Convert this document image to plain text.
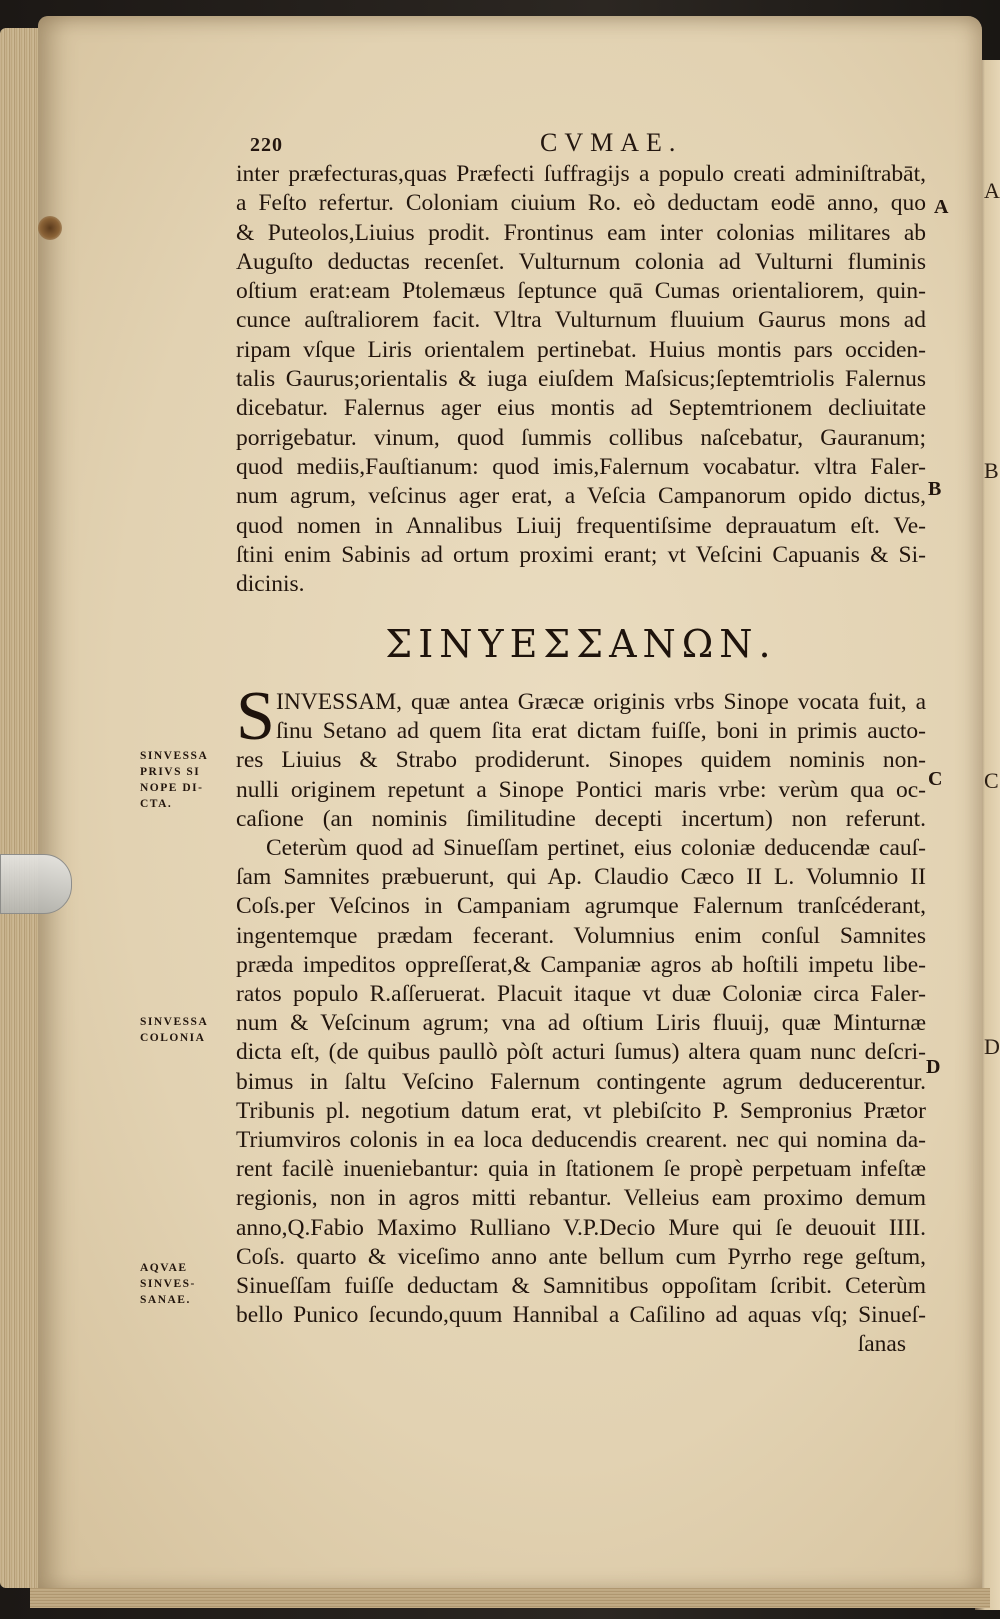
A
B
C
D
220	CVMAE.
inter præfecturas,quas Præfecti ſuffragijs a populo creati adminiſtrabāt,
a Feſto refertur. Coloniam ciuium Ro. eò deductam eodē anno, quo
& Puteolos,Liuius prodit. Frontinus eam inter colonias militares ab
Auguſto deductas recenſet. Vulturnum colonia ad Vulturni fluminis
oſtium erat:eam Ptolemæus ſeptunce quā Cumas orientaliorem, quin-
cunce auſtraliorem facit. Vltra Vulturnum fluuium Gaurus mons ad
ripam vſque Liris orientalem pertinebat. Huius montis pars occiden-
talis Gaurus;orientalis & iuga eiuſdem Maſsicus;ſeptemtriolis Falernus
dicebatur. Falernus ager eius montis ad Septemtrionem decliuitate
porrigebatur. vinum, quod ſummis collibus naſcebatur, Gauranum;
quod mediis,Fauſtianum: quod imis,Falernum vocabatur. vltra Faler-
num agrum, veſcinus ager erat, a Veſcia Campanorum opido dictus,
quod nomen in Annalibus Liuij frequentiſsime deprauatum eſt. Ve-
ſtini enim Sabinis ad ortum proximi erant; vt Veſcini Capuanis & Si-
dicinis.
ΣΙΝΥΕΣΣΑΝΩΝ.
S INVESSAM, quæ antea Græcæ originis vrbs Sinope vocata fuit, a
ſinu Setano ad quem ſita erat dictam fuiſſe, boni in primis aucto-
res Liuius & Strabo prodiderunt. Sinopes quidem nominis non-
nulli originem repetunt a Sinope Pontici maris vrbe: verùm qua oc-
caſione (an nominis ſimilitudine decepti incertum) non referunt.
Ceterùm quod ad Sinueſſam pertinet, eius coloniæ deducendæ cauſ-
ſam Samnites præbuerunt, qui Ap. Claudio Cæco II L. Volumnio II
Coſs.per Veſcinos in Campaniam agrumque Falernum tranſcéderant,
ingentemque prædam fecerant. Volumnius enim conſul Samnites
præda impeditos oppreſſerat,& Campaniæ agros ab hoſtili impetu libe-
ratos populo R.aſſeruerat. Placuit itaque vt duæ Coloniæ circa Faler-
num & Veſcinum agrum; vna ad oſtium Liris fluuij, quæ Minturnæ
dicta eſt, (de quibus paullò pòſt acturi ſumus) altera quam nunc deſcri-
bimus in ſaltu Veſcino Falernum contingente agrum deducerentur.
Tribunis pl. negotium datum erat, vt plebiſcito P. Sempronius Prætor
Triumviros colonis in ea loca deducendis crearent. nec qui nomina da-
rent facilè inueniebantur: quia in ſtationem ſe propè perpetuam infeſtæ
regionis, non in agros mitti rebantur. Velleius eam proximo demum
anno,Q.Fabio Maximo Rulliano V.P.Decio Mure qui ſe deuouit IIII.
Coſs. quarto & viceſimo anno ante bellum cum Pyrrho rege geſtum,
Sinueſſam fuiſſe deductam & Samnitibus oppoſitam ſcribit. Ceterùm
bello Punico ſecundo,quum Hannibal a Caſilino ad aquas vſq; Sinueſ-
ſanas
SINVESSA
PRIVS SI
NOPE DI-
CTA.
SINVESSA
COLONIA
AQVAE
SINVES-
SANAE.
A
B
C
D
